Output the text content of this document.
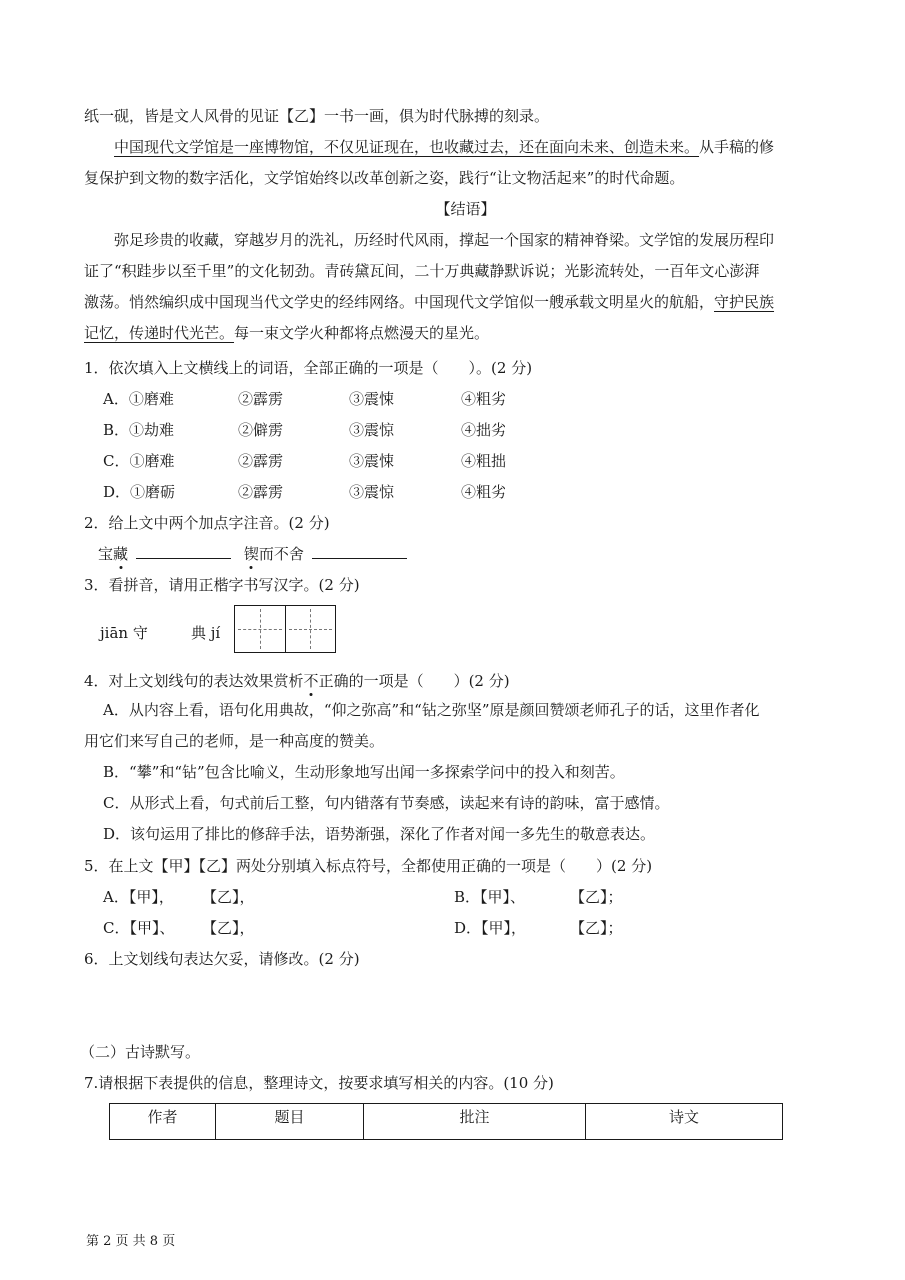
纸一砚，皆是文人风骨的见证【乙】一书一画，俱为时代脉搏的刻录。

中国现代文学馆是一座博物馆，不仅见证现在，也收藏过去，还在面向未来、创造未来。从手稿的修

复保护到文物的数字活化，文学馆始终以改革创新之姿，践行“让文物活起来”的时代命题。

【结语】

弥足珍贵的收藏，穿越岁月的洗礼，历经时代风雨，撑起一个国家的精神脊梁。文学馆的发展历程印

证了“积跬步以至千里”的文化韧劲。青砖黛瓦间，二十万典藏静默诉说；光影流转处，一百年文心澎湃

激荡。悄然编织成中国现当代文学史的经纬网络。中国现代文学馆似一艘承载文明星火的航船，守护民族

记忆，传递时代光芒。每一束文学火种都将点燃漫天的星光。

1．依次填入上文横线上的词语，全部正确的一项是（　　）。(2 分)
A．①磨难	②霹雳	③震悚	④粗劣
B．①劫难	②僻雳	③震惊	④拙劣
C．①磨难	②霹雳	③震悚	④粗拙
D．①磨砺	②霹雳	③震惊	④粗劣
2．给上文中两个加点字注音。(2 分)
宝藏	锲而不舍
3．看拼音，请用正楷字书写汉字。(2 分)
jiān 守	典 jí
4．对上文划线句的表达效果赏析不正确的一项是（　　）(2 分)

A．从内容上看，语句化用典故，“仰之弥高”和“钻之弥坚”原是颜回赞颂老师孔子的话，这里作者化

用它们来写自己的老师，是一种高度的赞美。

B．“攀”和“钻”包含比喻义，生动形象地写出闻一多探索学问中的投入和刻苦。

C．从形式上看，句式前后工整，句内错落有节奏感，读起来有诗的韵味，富于感情。

D．该句运用了排比的修辞手法，语势渐强，深化了作者对闻一多先生的敬意表达。

5．在上文【甲】【乙】两处分别填入标点符号，全都使用正确的一项是（　　）(2 分)
A．【甲】， 【乙】，	B．【甲】、	【乙】；
C．【甲】、 【乙】，	D．【甲】，	【乙】；
6．上文划线句表达欠妥，请修改。(2 分)
（二）古诗默写。
7.请根据下表提供的信息，整理诗文，按要求填写相关的内容。(10 分)
作者	题目	批注	诗文
第 2 页 共 8 页
